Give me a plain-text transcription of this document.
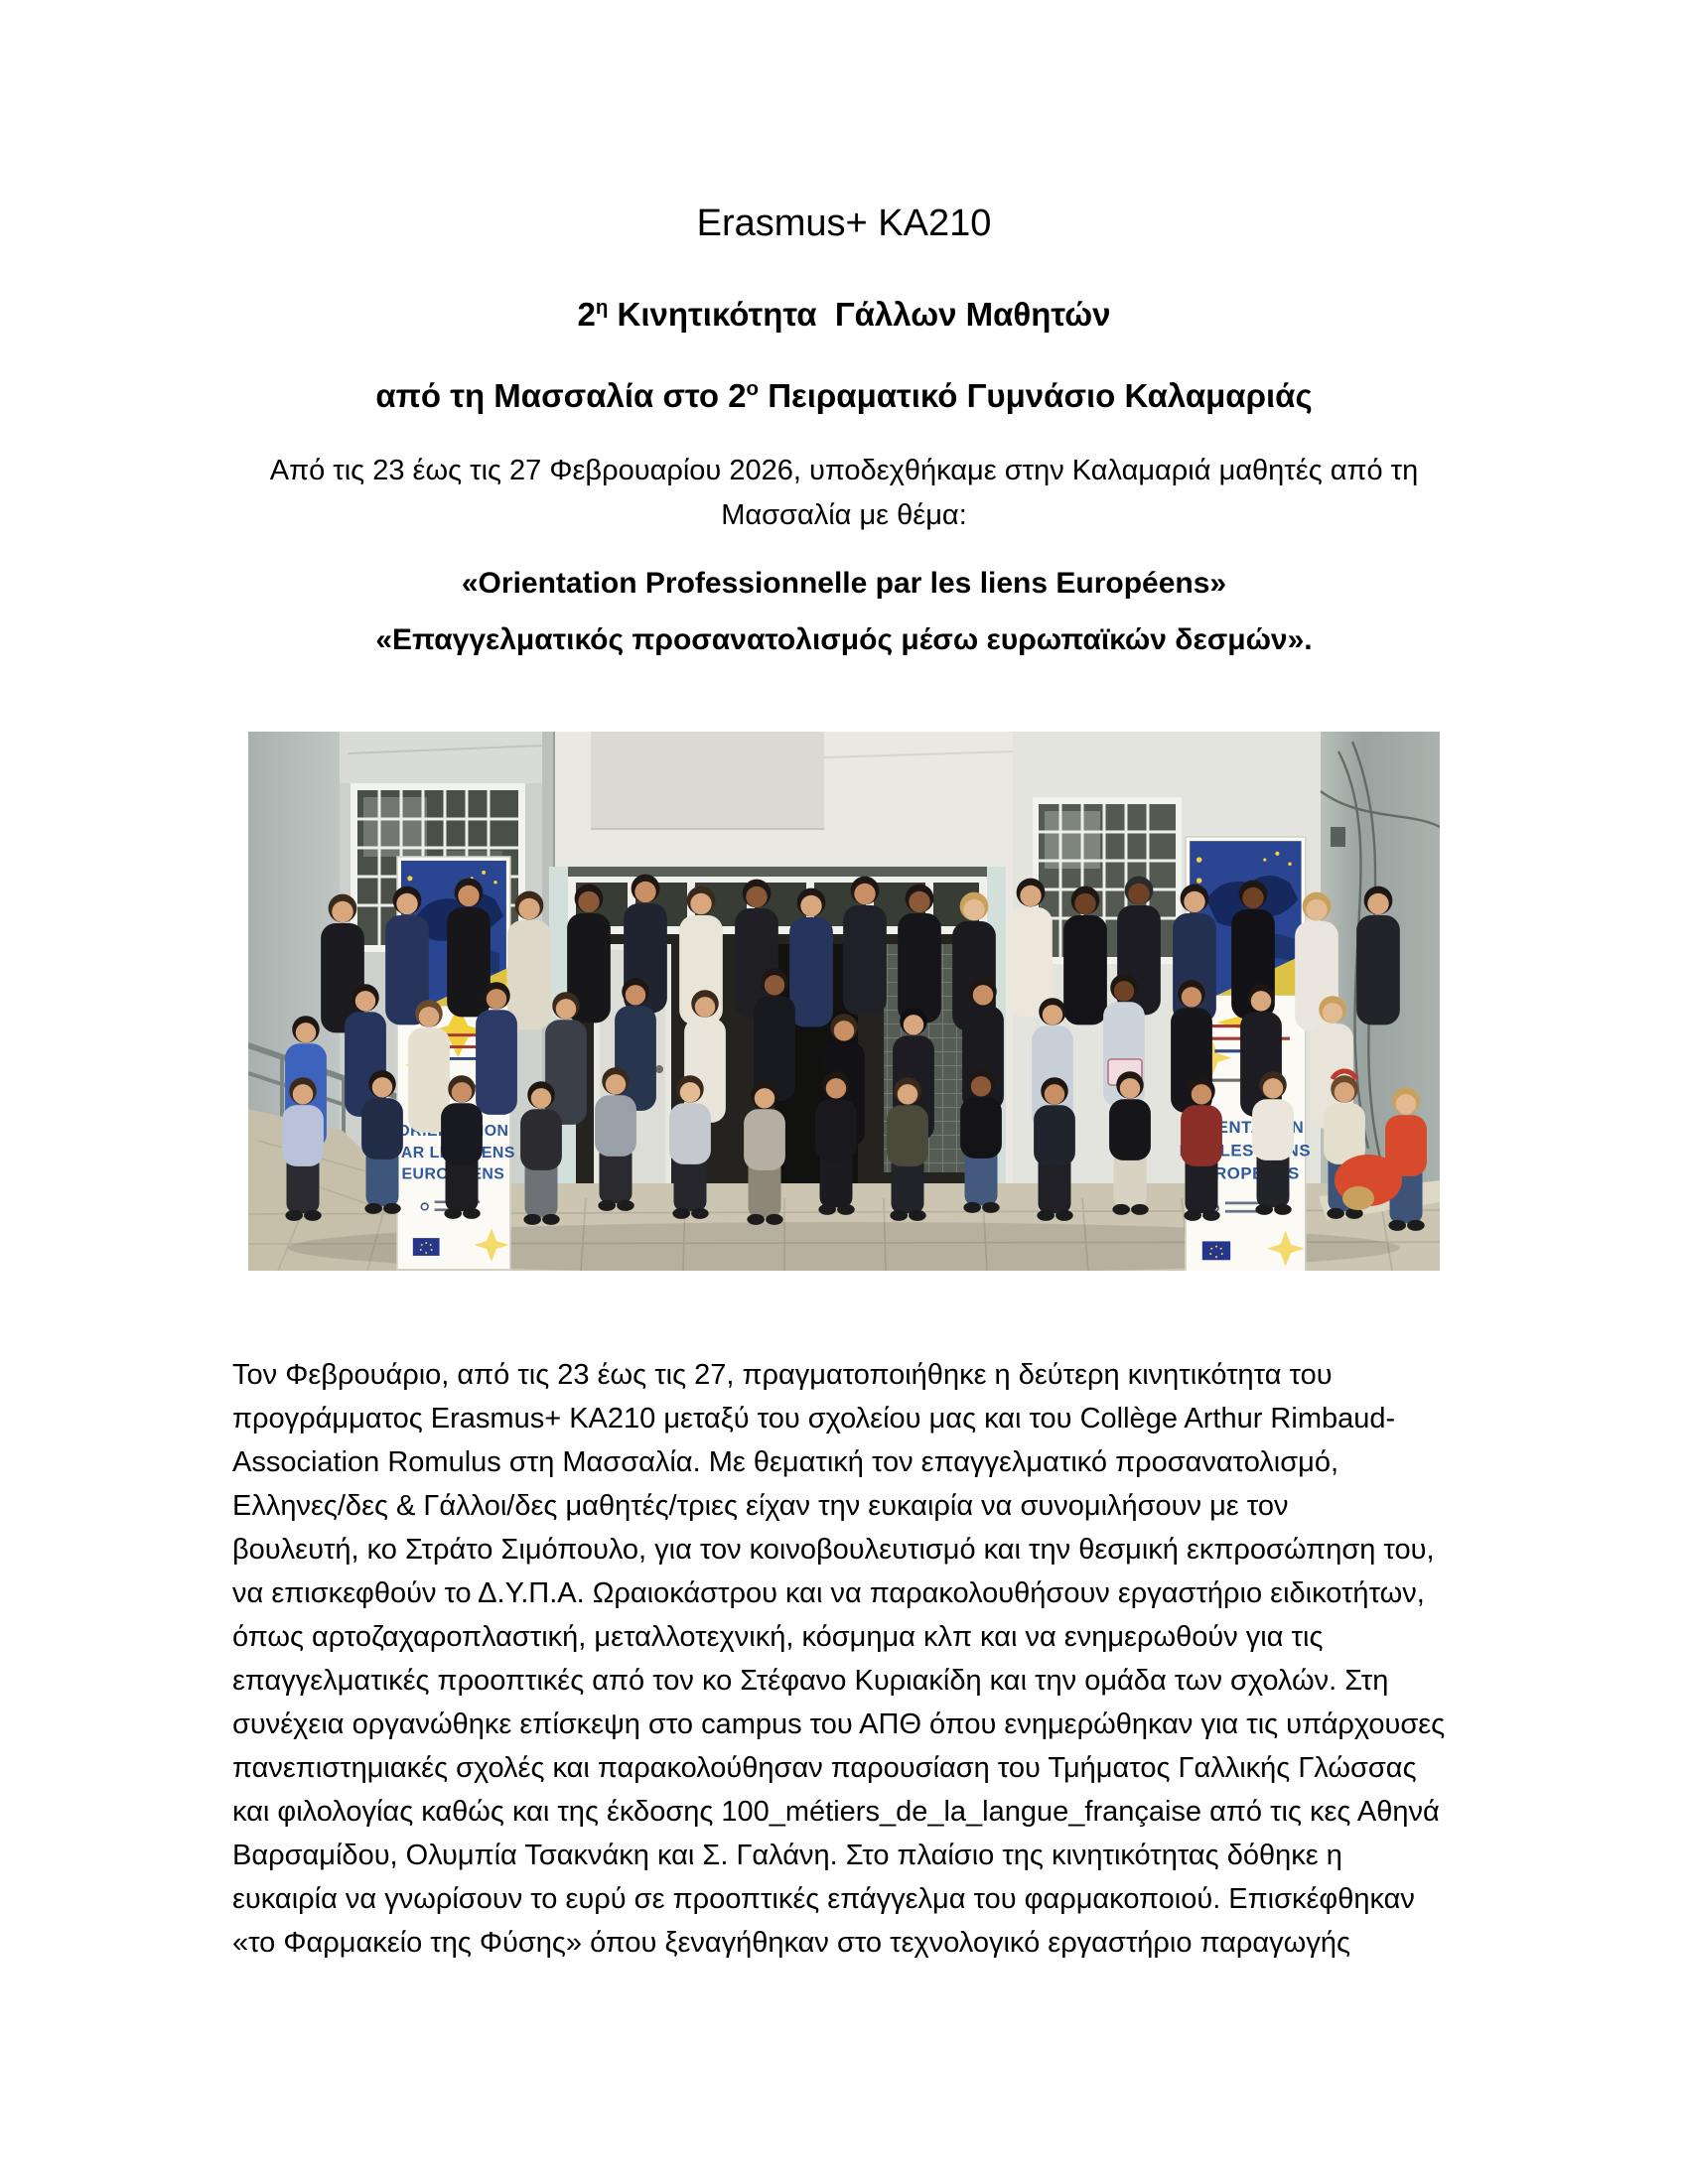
Erasmus+ KA210
$2^\eta$ Κινητικότητα  Γάλλων Μαθητών
από τη Μασσαλία στο $2^o$ Πειραματικό Γυμνάσιο Καλαμαριάς
Από τις 23 έως τις 27 Φεβρουαρίου 2026, υποδεχθήκαμε στην Καλαμαριά μαθητές από τη
Μασσαλία με θέμα:
«Orientation Professionnelle par les liens Européens»
«Επαγγελματικός προσανατολισμός μέσω ευρωπαϊκών δεσμών».
Τον Φεβρουάριο, από τις 23 έως τις 27, πραγματοποιήθηκε η δεύτερη κινητικότητα του
προγράμματος Erasmus+ KA210 μεταξύ του σχολείου μας και του Collège Arthur Rimbaud-
Association Romulus στη Μασσαλία. Με θεματική τον επαγγελματικό προσανατολισμό,
Ελληνες/δες & Γάλλοι/δες μαθητές/τριες είχαν την ευκαιρία να συνομιλήσουν με τον
βουλευτή, κο Στράτο Σιμόπουλο, για τον κοινοβουλευτισμό και την θεσμική εκπροσώπηση του,
να επισκεφθούν το Δ.Υ.Π.Α. Ωραιοκάστρου και να παρακολουθήσουν εργαστήριο ειδικοτήτων,
όπως αρτοζαχαροπλαστική, μεταλλοτεχνική, κόσμημα κλπ και να ενημερωθούν για τις
επαγγελματικές προοπτικές από τον κο Στέφανο Κυριακίδη και την ομάδα των σχολών. Στη
συνέχεια οργανώθηκε επίσκεψη στο campus του ΑΠΘ όπου ενημερώθηκαν για τις υπάρχουσες
πανεπιστημιακές σχολές και παρακολούθησαν παρουσίαση του Τμήματος Γαλλικής Γλώσσας
και φιλολογίας καθώς και της έκδοσης 100_métiers_de_la_langue_française από τις κες Αθηνά
Βαρσαμίδου, Ολυμπία Τσακνάκη και Σ. Γαλάνη. Στο πλαίσιο της κινητικότητας δόθηκε η
ευκαιρία να γνωρίσουν το ευρύ σε προοπτικές επάγγελμα του φαρμακοποιού. Επισκέφθηκαν
«το Φαρμακείο της Φύσης» όπου ξεναγήθηκαν στο τεχνολογικό εργαστήριο παραγωγής
